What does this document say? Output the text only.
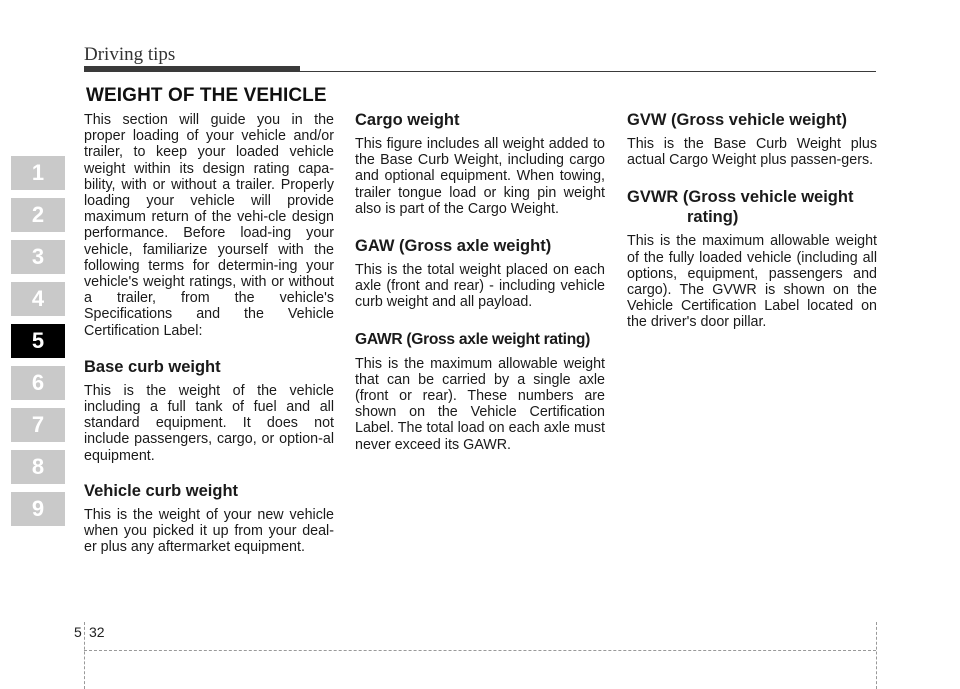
Driving tips
1
2
3
4
5
6
7
8
9
WEIGHT OF THE VEHICLE

This section will guide you in the proper loading of your vehicle and/or trailer, to keep your loaded vehicle weight within its design rating capa-bility, with or without a trailer. Properly loading your vehicle will provide maximum return of the vehi-cle design performance. Before load-ing your vehicle, familiarize yourself with the following terms for determin-ing your vehicle's weight ratings, with or without a trailer, from the vehicle's Specifications and the Vehicle Certification Label:

Base curb weight

This is the weight of the vehicle including a full tank of fuel and all standard equipment. It does not include passengers, cargo, or option-al equipment.

Vehicle curb weight

This is the weight of your new vehicle when you picked it up from your deal-er plus any aftermarket equipment.

Cargo weight

This figure includes all weight added to the Base Curb Weight, including cargo and optional equipment. When towing, trailer tongue load or king pin weight also is part of the Cargo Weight.

GAW (Gross axle weight)

This is the total weight placed on each axle (front and rear) - including vehicle curb weight and all payload.

GAWR (Gross axle weight rating)

This is the maximum allowable weight that can be carried by a single axle (front or rear). These numbers are shown on the Vehicle Certification Label. The total load on each axle must never exceed its GAWR.

GVW (Gross vehicle weight)

This is the Base Curb Weight plus actual Cargo Weight plus passen-gers.

GVWR (Gross vehicle weight
rating)

This is the maximum allowable weight of the fully loaded vehicle (including all options, equipment, passengers and cargo). The GVWR is shown on the Vehicle Certification Label located on the driver's door pillar.

5 32
